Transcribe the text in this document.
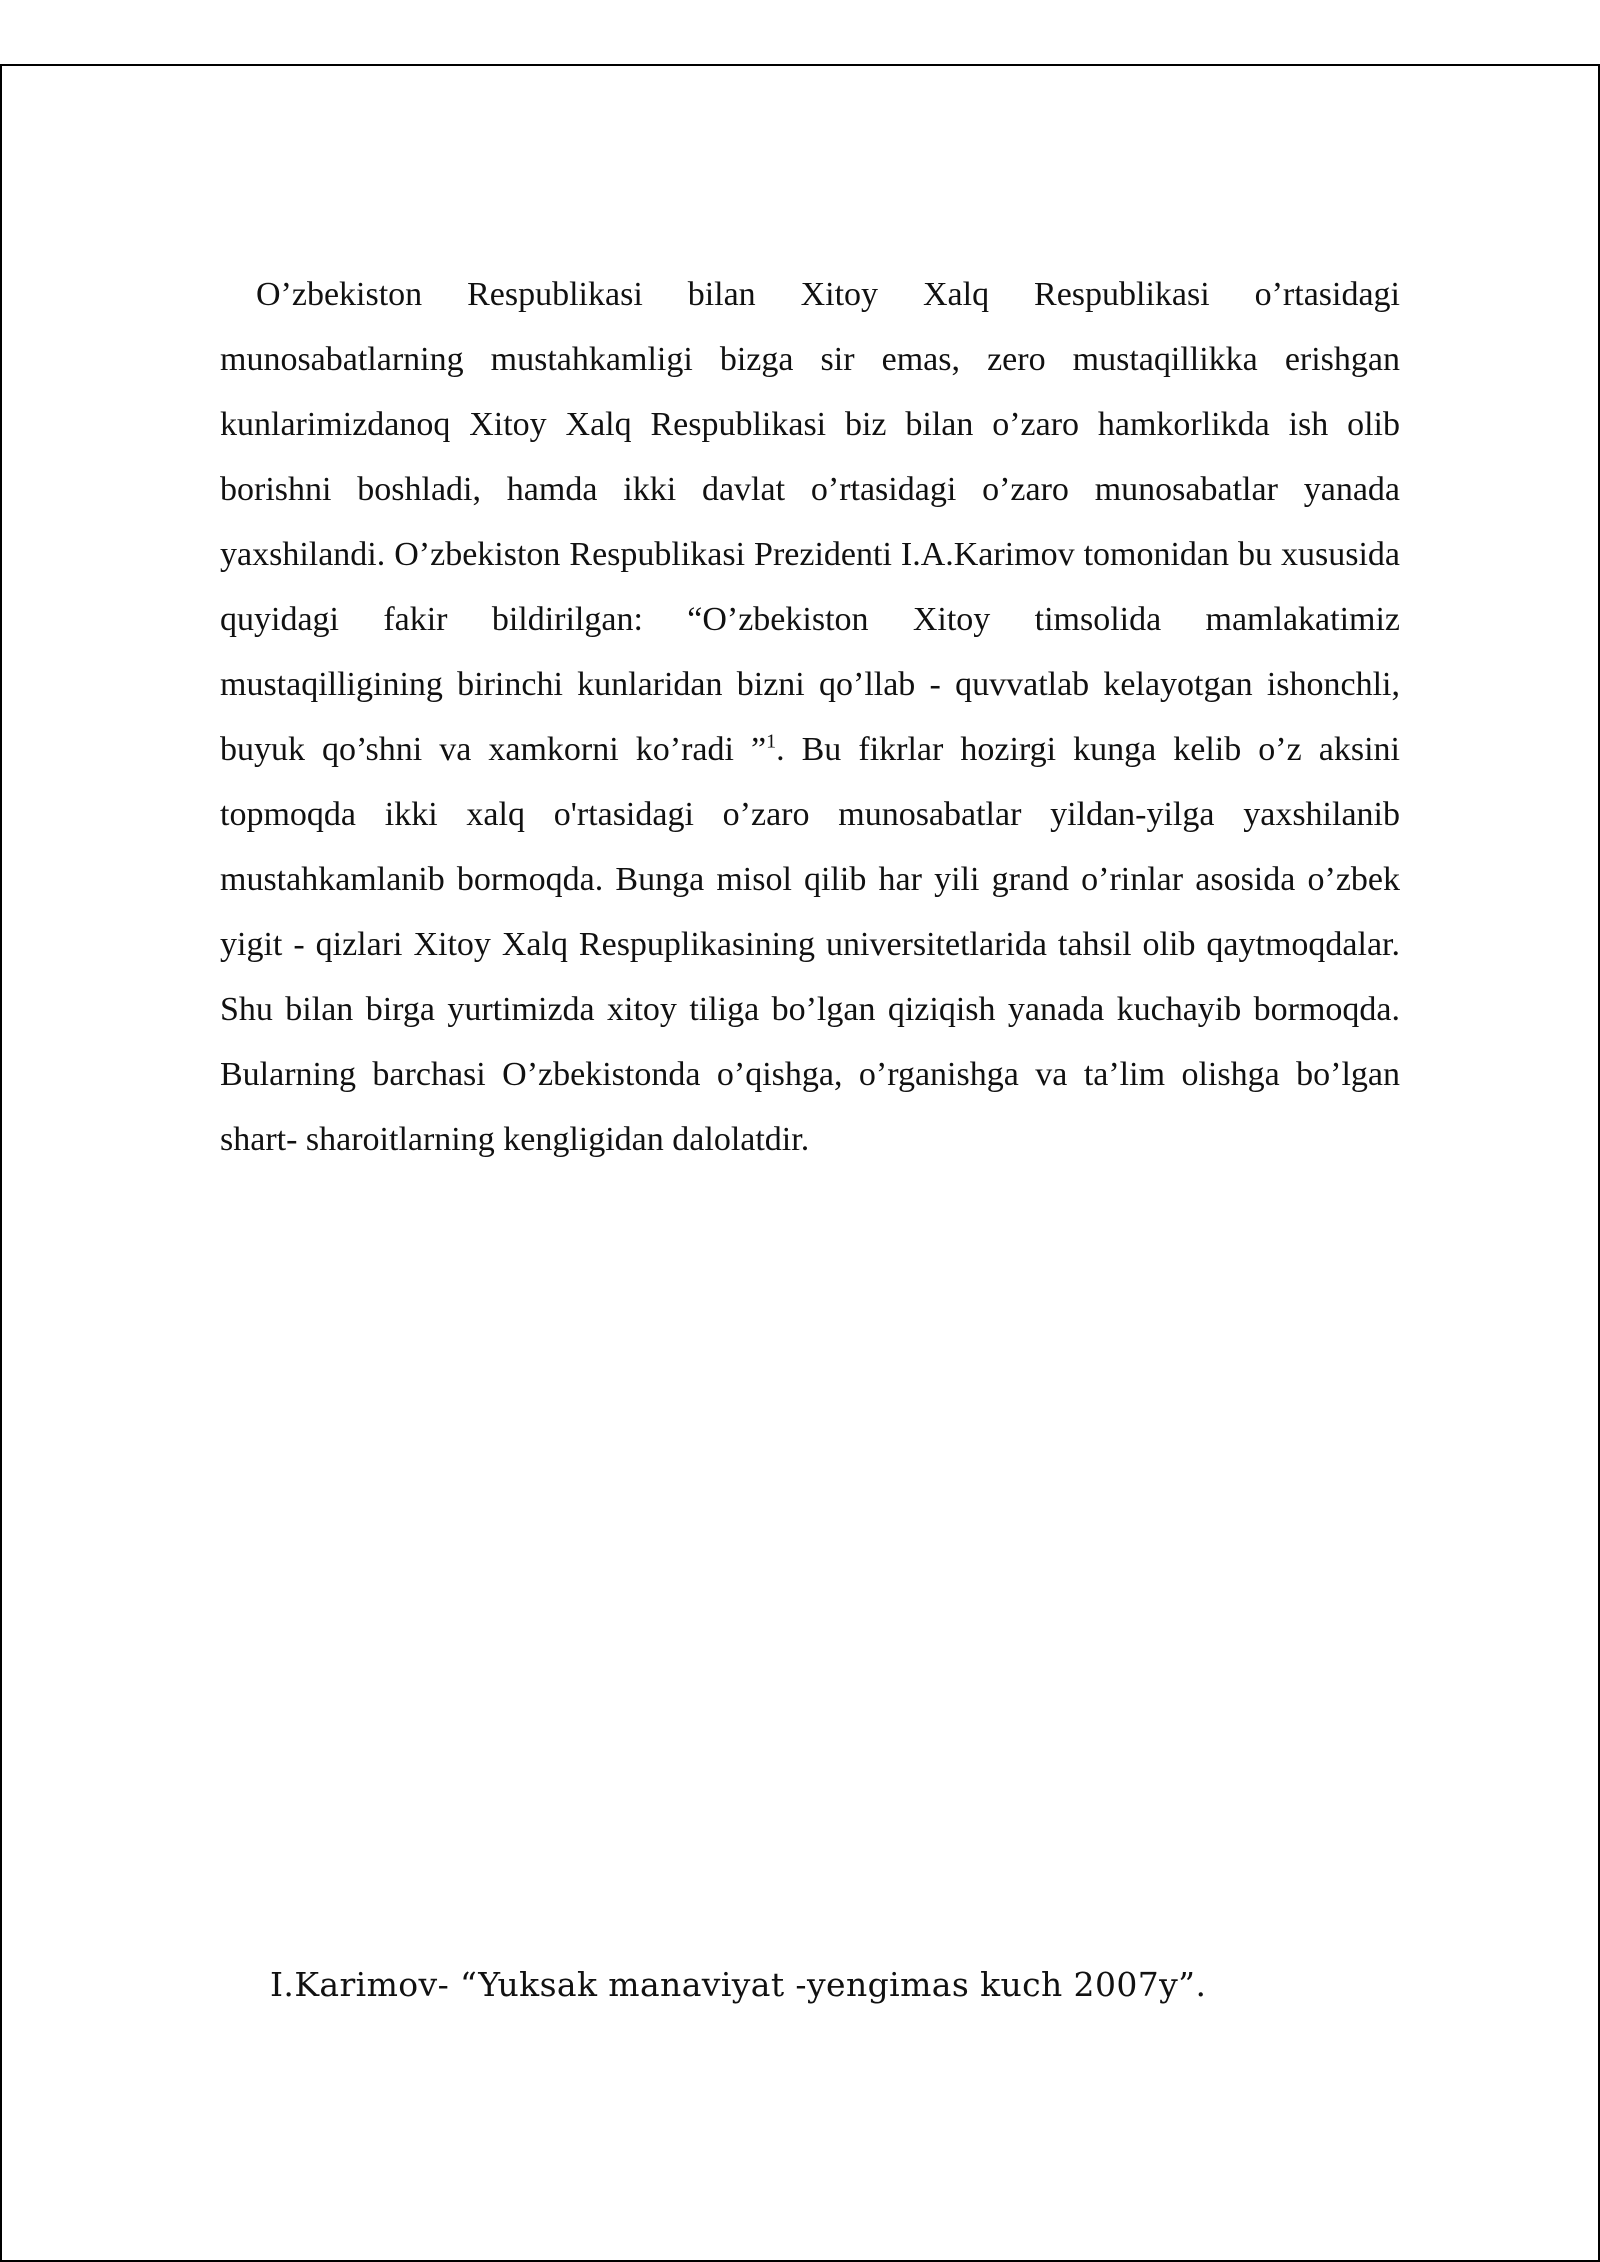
O’zbekiston Respublikasi bilan Xitoy Xalq Respublikasi o’rtasidagi munosabatlarning mustahkamligi bizga sir emas, zero mustaqillikka erishgan kunlarimizdanoq Xitoy Xalq Respublikasi biz bilan o’zaro hamkorlikda ish olib borishni boshladi, hamda ikki davlat o’rtasidagi o’zaro munosabatlar yanada yaxshilandi. O’zbekiston Respublikasi Prezidenti I.A.Karimov tomonidan bu xususida quyidagi fakir bildirilgan: “O’zbekiston Xitoy timsolida mamlakatimiz mustaqilligining birinchi kunlaridan bizni qo’llab - quvvatlab kelayotgan ishonchli, buyuk qo’shni va xamkorni ko’radi ”$^1$. Bu fikrlar hozirgi kunga kelib o’z aksini topmoqda ikki xalq o'rtasidagi o’zaro munosabatlar yildan-yilga yaxshilanib mustahkamlanib bormoqda. Bunga misol qilib har yili grand o’rinlar asosida o’zbek yigit - qizlari Xitoy Xalq Respuplikasining universitetlarida tahsil olib qaytmoqdalar. Shu bilan birga yurtimizda xitoy tiliga bo’lgan qiziqish yanada kuchayib bormoqda. Bularning barchasi O’zbekistonda o’qishga, o’rganishga va ta’lim olishga bo’lgan shart- sharoitlarning kengligidan dalolatdir.

I.Karimov- “Yuksak manaviyat -yengimas kuch 2007y”.
